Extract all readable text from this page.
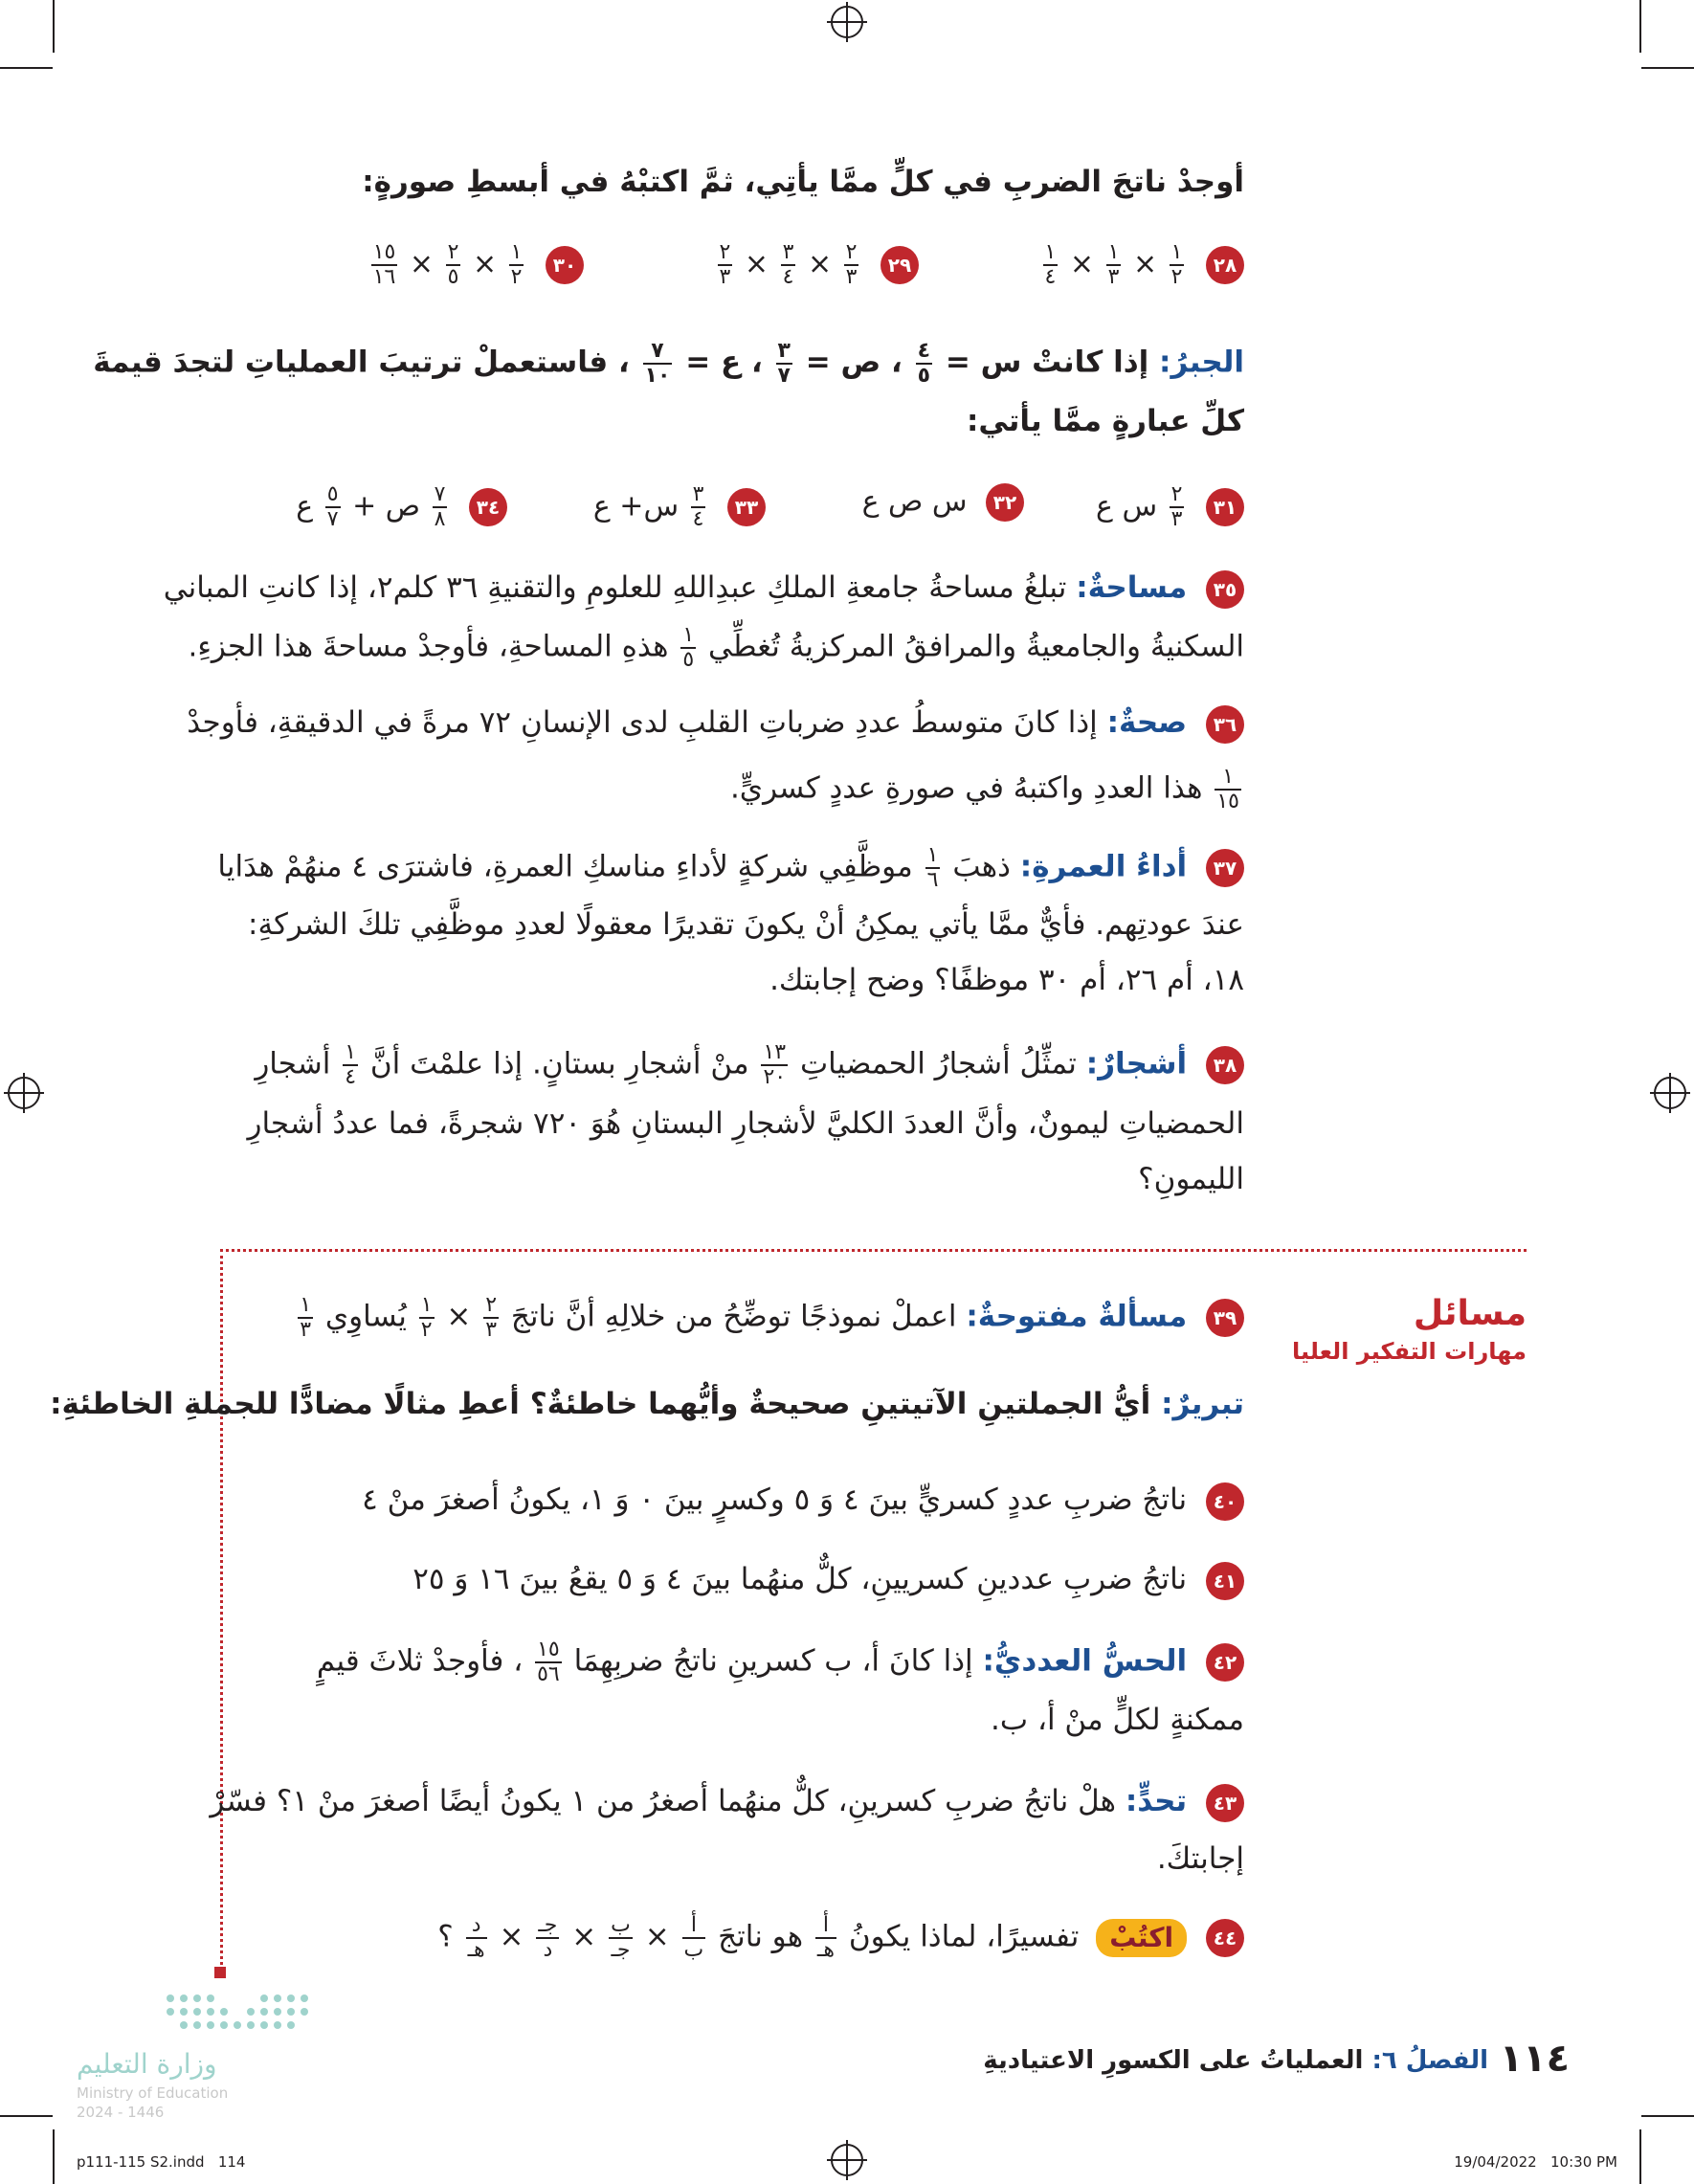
أوجدْ ناتجَ الضربِ في كلٍّ ممَّا يأتِي، ثمَّ اكتبْهُ في أبسطِ صورةٍ:
٢٨
$\frac{١}{٢}$
×
$\frac{١}{٣}$
×
$\frac{١}{٤}$
٢٩
$\frac{٢}{٣}$
×
$\frac{٣}{٤}$
×
$\frac{٢}{٣}$
٣٠
$\frac{١}{٢}$
×
$\frac{٢}{٥}$
×
$\frac{١٥}{١٦}$
الجبرُ: إذا كانتْ س =
$\frac{٤}{٥}$
، ص =
$\frac{٣}{٧}$
، ع =
$\frac{٧}{١٠}$
، فاستعملْ ترتيبَ العملياتِ لتجدَ قيمةَ
كلِّ عبارةٍ ممَّا يأتي:
٣١
$\frac{٢}{٣}$
س ع
٣٢ س ص ع
٣٣
$\frac{٣}{٤}$
س+ ع
٣٤
$\frac{٧}{٨}$
ص +
$\frac{٥}{٧}$
ع
٣٥ مساحةٌ: تبلغُ مساحةُ جامعةِ الملكِ عبدِاللهِ للعلومِ والتقنيةِ ٣٦ كلم٢، إذا كانتِ المباني
السكنيةُ والجامعيةُ والمرافقُ المركزيةُ تُغطِّي
$\frac{١}{٥}$
هذهِ المساحةِ، فأوجدْ مساحةَ هذا الجزءِ.
٣٦ صحةٌ: إذا كانَ متوسطُ عددِ ضرباتِ القلبِ لدى الإنسانِ ٧٢ مرةً في الدقيقةِ، فأوجدْ
$\frac{١}{١٥}$
هذا العددِ واكتبهُ في صورةِ عددٍ كسريٍّ.
٣٧ أداءُ العمرةِ: ذهبَ
$\frac{١}{٦}$
موظَّفِي شركةٍ لأداءِ مناسكِ العمرةِ، فاشترَى ٤ منهُمْ هدَايا
عندَ عودتِهم. فأيٌّ ممَّا يأتي يمكِنُ أنْ يكونَ تقديرًا معقولًا لعددِ موظَّفِي تلكَ الشركةِ:
١٨، أم ٢٦، أم ٣٠ موظفًا؟ وضح إجابتك.
٣٨ أشجارٌ: تمثِّلُ أشجارُ الحمضياتِ
$\frac{١٣}{٢٠}$
منْ أشجارِ بستانٍ. إذا علمْتَ أنَّ
$\frac{١}{٤}$
أشجارِ
الحمضياتِ ليمونٌ، وأنَّ العددَ الكليَّ لأشجارِ البستانِ هُوَ ٧٢٠ شجرةً، فما عددُ أشجارِ
الليمونِ؟
مسائل
مهارات التفكير العليا
٣٩ مسألةٌ مفتوحةٌ: اعملْ نموذجًا توضِّحُ من خلالِهِ أنَّ ناتجَ
$\frac{٢}{٣}$
×
$\frac{١}{٢}$
يُساوِي
$\frac{١}{٣}$
تبريرٌ: أيُّ الجملتينِ الآتيتينِ صحيحةٌ وأيُّهما خاطئةٌ؟ أعطِ مثالًا مضادًّا للجملةِ الخاطئةِ:
٤٠ ناتجُ ضربِ عددٍ كسريٍّ بينَ ٤ وَ ٥ وكسرٍ بينَ ٠ وَ ١، يكونُ أصغرَ منْ ٤
٤١ ناتجُ ضربِ عددينِ كسريينِ، كلٌّ منهُما بينَ ٤ وَ ٥ يقعُ بينَ ١٦ وَ ٢٥
٤٢ الحسُّ العدديُّ: إذا كانَ أ، ب كسرينِ ناتجُ ضربِهِمَا
$\frac{١٥}{٥٦}$
، فأوجدْ ثلاثَ قيمٍ
ممكنةٍ لكلٍّ منْ أ، ب.
٤٣ تحدٍّ: هلْ ناتجُ ضربِ كسرينِ، كلٌّ منهُما أصغرُ من ١ يكونُ أيضًا أصغرَ منْ ١؟ فسّرْ
إجابتكَ.
٤٤ اكتُبْ تفسيرًا، لماذا يكونُ
$\frac{\text{أ}}{\text{هـ}}$
هو ناتجَ
$\frac{\text{أ}}{\text{ب}}$
×
$\frac{\text{ب}}{\text{جـ}}$
×
$\frac{\text{جـ}}{\text{د}}$
×
$\frac{\text{د}}{\text{هـ}}$
؟
وزارة التعليم
Ministry of Education
2024 - 1446
١١٤
الفصلُ ٦: العملياتُ على الكسورِ الاعتياديةِ
p111-115 S2.indd   114	19/04/2022   10:30 PM
